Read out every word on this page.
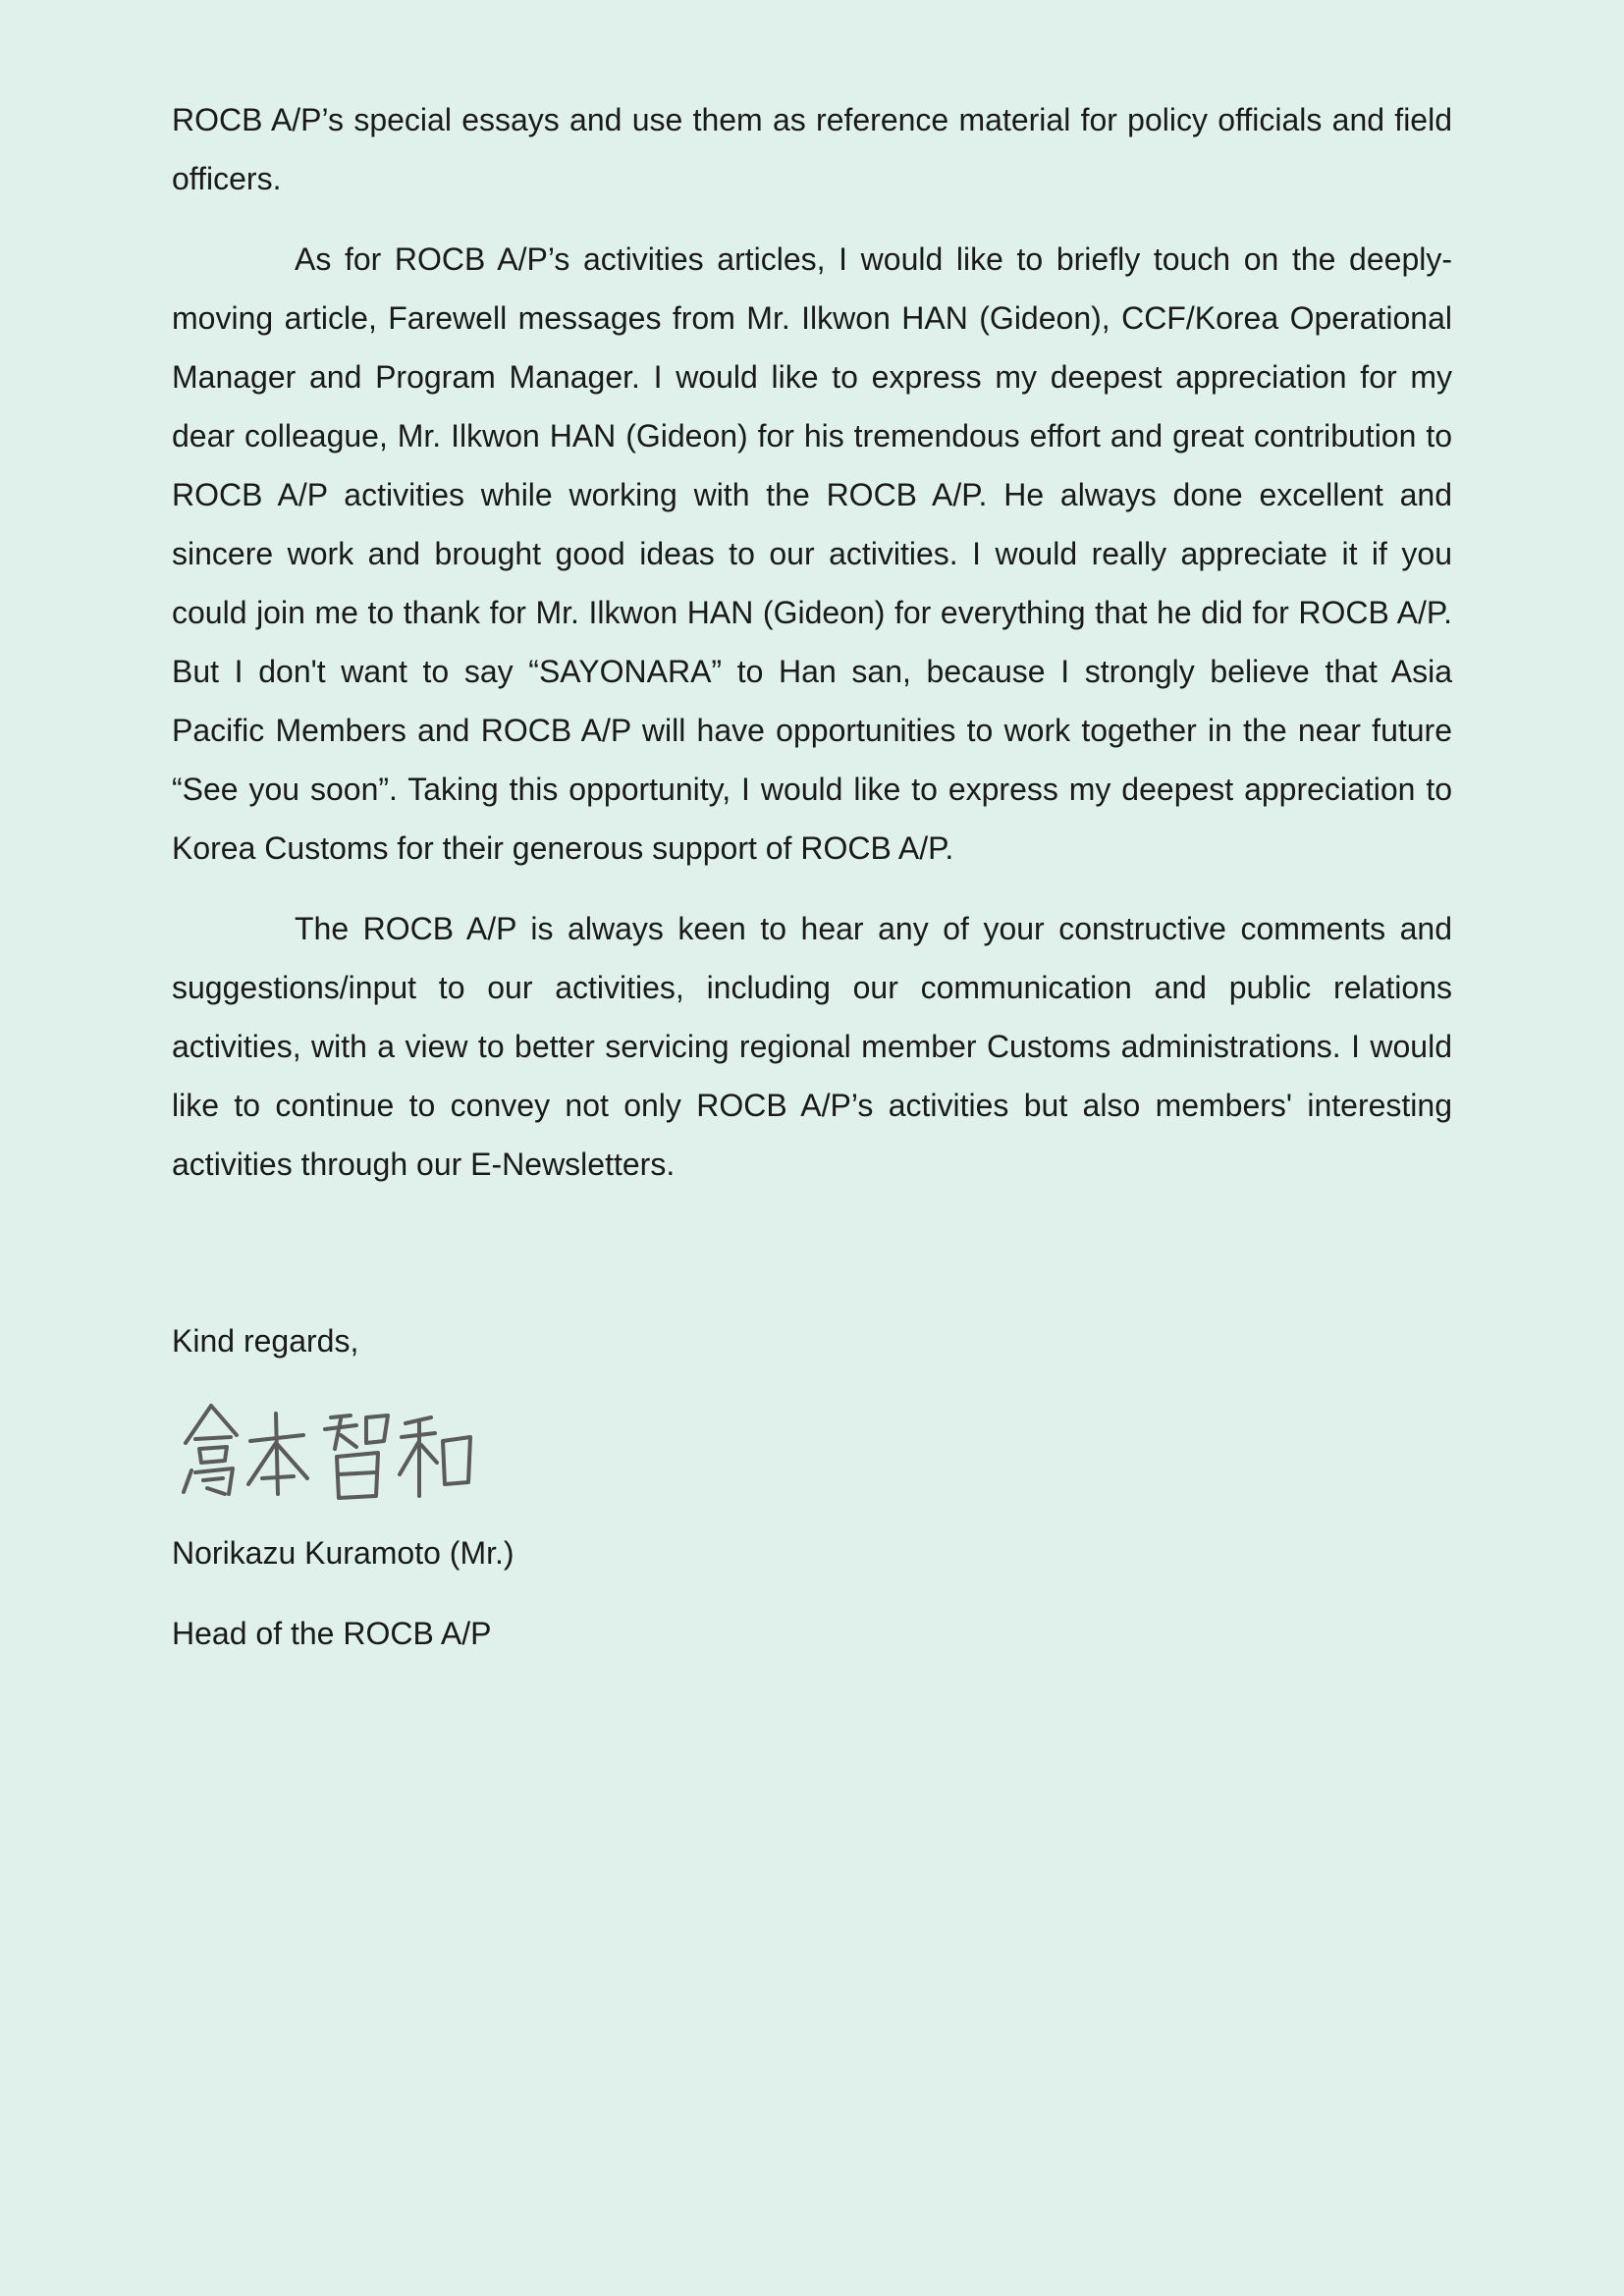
ROCB A/P’s special essays and use them as reference material for policy officials and field officers.

As for ROCB A/P’s activities articles, I would like to briefly touch on the deeply-moving article, Farewell messages from Mr. Ilkwon HAN (Gideon), CCF/Korea Operational Manager and Program Manager. I would like to express my deepest appreciation for my dear colleague, Mr. Ilkwon HAN (Gideon) for his tremendous effort and great contribution to ROCB A/P activities while working with the ROCB A/P. He always done excellent and sincere work and brought good ideas to our activities. I would really appreciate it if you could join me to thank for Mr. Ilkwon HAN (Gideon) for everything that he did for ROCB A/P. But I don't want to say “SAYONARA” to Han san, because I strongly believe that Asia Pacific Members and ROCB A/P will have opportunities to work together in the near future “See you soon”. Taking this opportunity, I would like to express my deepest appreciation to Korea Customs for their generous support of ROCB A/P.

The ROCB A/P is always keen to hear any of your constructive comments and suggestions/input to our activities, including our communication and public relations activities, with a view to better servicing regional member Customs administrations. I would like to continue to convey not only ROCB A/P’s activities but also members' interesting activities through our E-Newsletters.

Kind regards,

Norikazu Kuramoto (Mr.)

Head of the ROCB A/P
